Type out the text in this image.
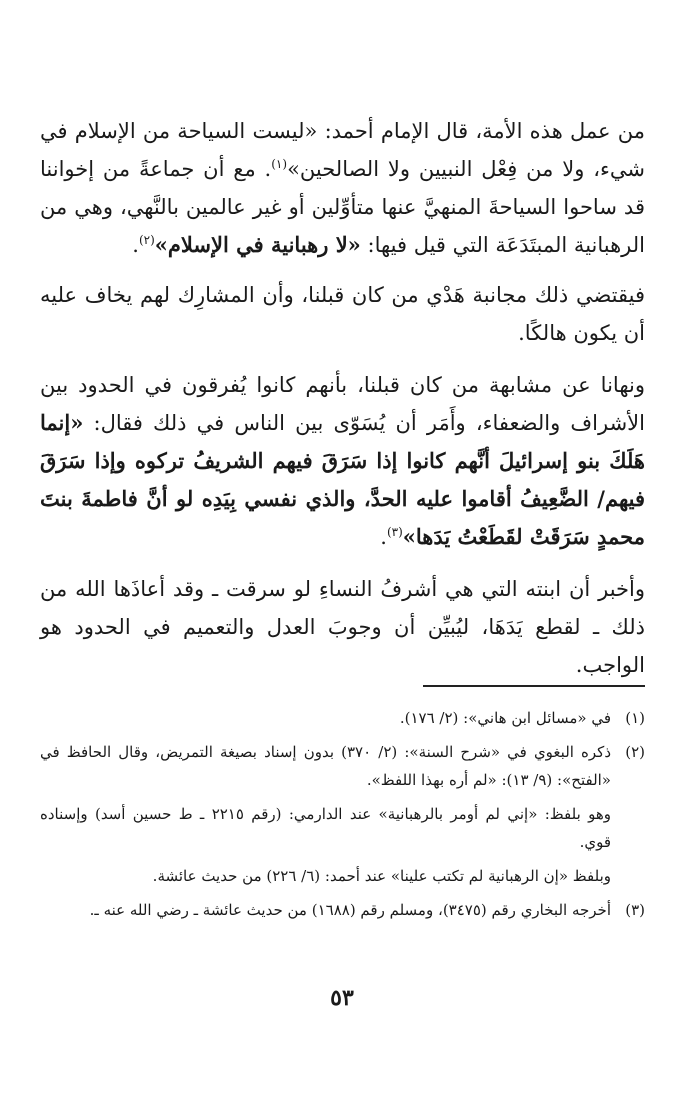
من عمل هذه الأمة، قال الإمام أحمد: «ليست السياحة من الإسلام في شيء، ولا من فِعْل النبيين ولا الصالحين»$^{(١)}$. مع أن جماعةً من إخواننا قد ساحوا السياحةَ المنهيَّ عنها متأوِّلين أو غير عالمين بالنَّهي، وهي من الرهبانية المبتَدَعَة التي قيل فيها: «لا رهبانية في الإسلام»$^{(٢)}$.

فيقتضي ذلك مجانبة هَدْي من كان قبلنا، وأن المشارِك لهم يخاف عليه أن يكون هالكًا.

ونهانا عن مشابهة من كان قبلنا، بأنهم كانوا يُفرقون في الحدود بين الأشراف والضعفاء، وأَمَر أن يُسَوّى بين الناس في ذلك فقال: «إنما هَلَكَ بنو إسرائيلَ أنَّهم كانوا إذا سَرَقَ فيهم الشريفُ تركوه وإذا سَرَقَ فيهم/ الضَّعِيفُ أقاموا عليه الحدَّ، والذي نفسي بِيَدِه لو أنَّ فاطمةَ بنتَ محمدٍ سَرَقَتْ لقَطَعْتُ يَدَها»$^{(٣)}$.

وأخبر أن ابنته التي هي أشرفُ النساءِ لو سرقت ـ وقد أعاذَها الله من ذلك ـ لقطع يَدَهَا، ليُبيِّن أن وجوبَ العدل والتعميم في الحدود هو الواجب.

(١)
في «مسائل ابن هاني»: (٢/ ١٧٦).
(٢)
ذكره البغوي في «شرح السنة»: (٢/ ٣٧٠) بدون إسناد بصيغة التمريض، وقال الحافظ في «الفتح»: (٩/ ١٣): «لم أره بهذا اللفظ».
وهو بلفظ: «إني لم أومر بالرهبانية» عند الدارمي: (رقم ٢٢١٥ ـ ط حسين أسد) وإسناده قوي.
وبلفظ «إن الرهبانية لم تكتب علينا» عند أحمد: (٦/ ٢٢٦) من حديث عائشة.
(٣)
أخرجه البخاري رقم (٣٤٧٥)، ومسلم رقم (١٦٨٨) من حديث عائشة ـ رضي الله عنه ـ.
٥٣
